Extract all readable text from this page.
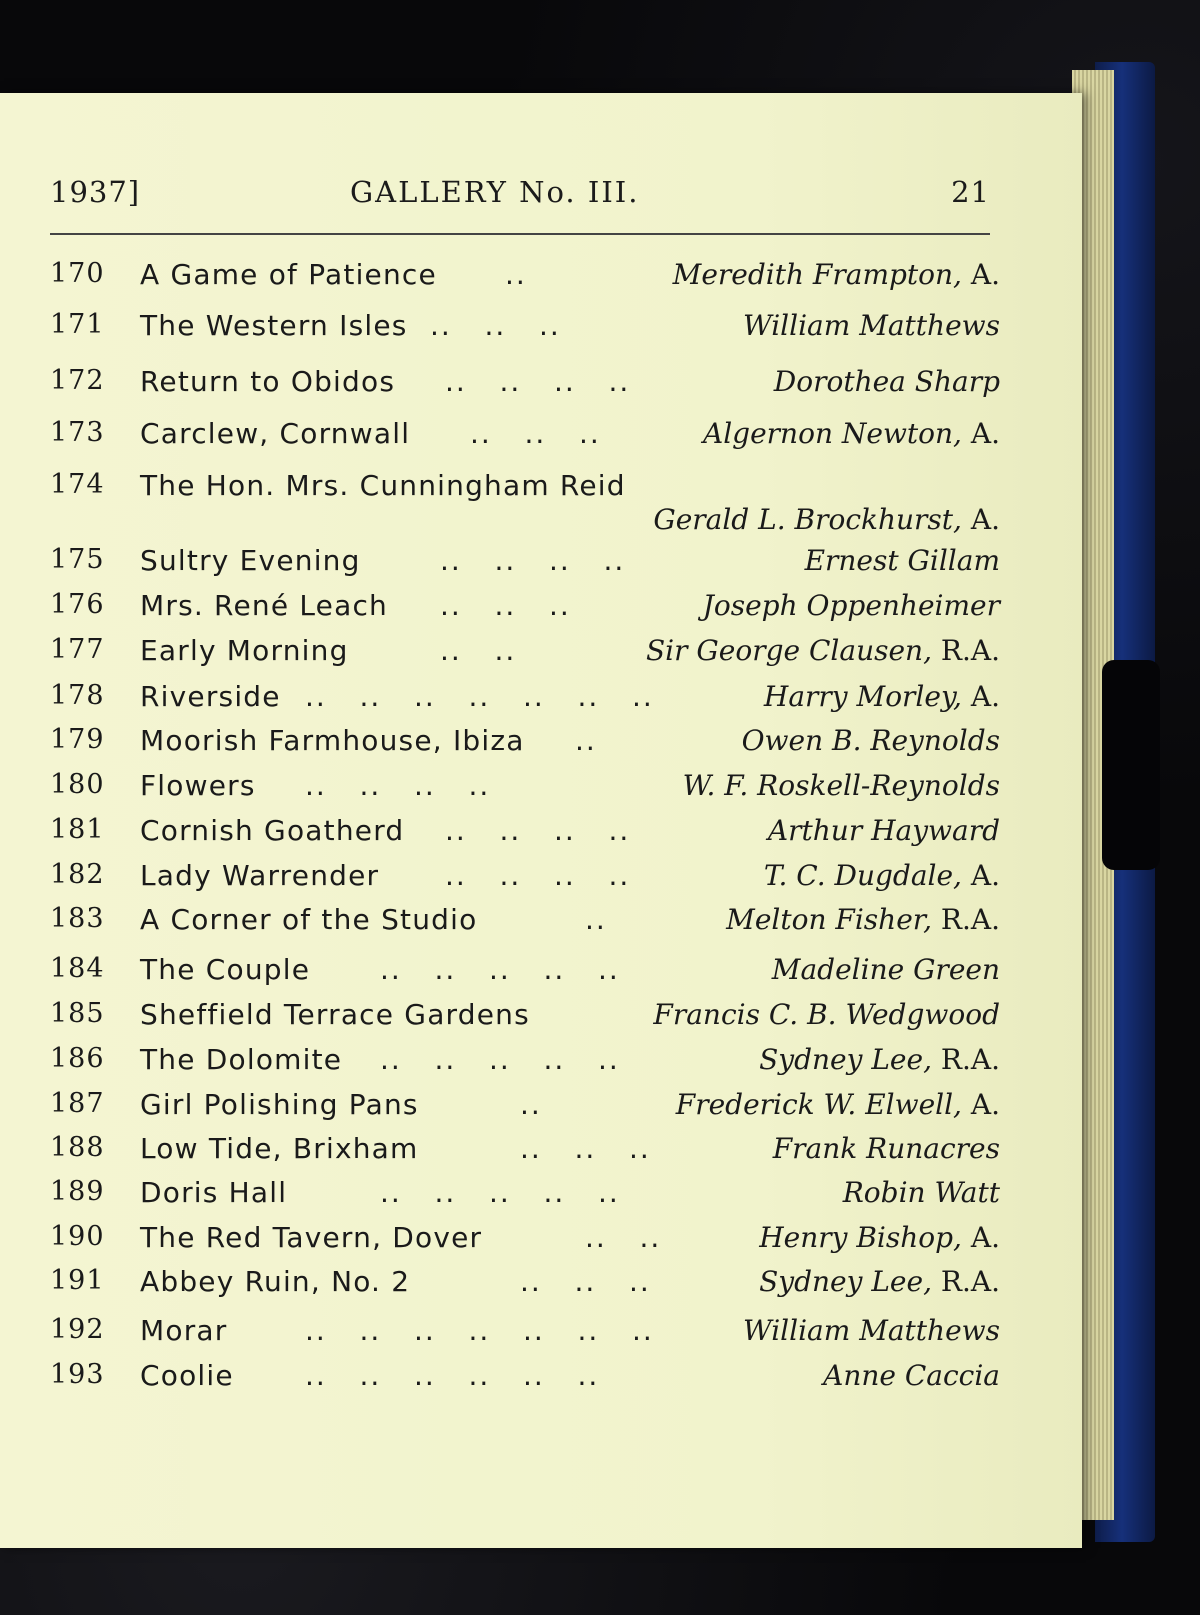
1937]	GALLERY No. III.	21
170	A Game of Patience ..	Meredith Frampton, A.
171	The Western Isles ..   ..   ..	William Matthews
172	Return to Obidos ..   ..   ..   ..	Dorothea Sharp
173	Carclew, Cornwall ..   ..   ..	Algernon Newton, A.
174	The Hon. Mrs. Cunningham Reid
Gerald L. Brockhurst, A.
175	Sultry Evening	..   ..   ..   ..	Ernest Gillam
176	Mrs. René Leach ..   ..   ..	Joseph Oppenheimer
177	Early Morning	..   ..	Sir George Clausen, R.A.
178	Riverside ..   ..   ..   ..   ..   ..   ..	Harry Morley, A.
179	Moorish Farmhouse, Ibiza ..	Owen B. Reynolds
180	Flowers ..   ..   ..   ..	W. F. Roskell-Reynolds
181	Cornish Goatherd ..   ..   ..   ..	Arthur Hayward
182	Lady Warrender ..   ..   ..   ..	T. C. Dugdale, A.
183	A Corner of the Studio	..	Melton Fisher, R.A.
184	The Couple ..   ..   ..   ..   ..	Madeline Green
185	Sheffield Terrace Gardens	Francis C. B. Wedgwood
186	The Dolomite ..   ..   ..   ..   ..	Sydney Lee, R.A.
187	Girl Polishing Pans	..	Frederick W. Elwell, A.
188	Low Tide, Brixham	..   ..   ..	Frank Runacres
189	Doris Hall	..   ..   ..   ..   ..	Robin Watt
190	The Red Tavern, Dover	..   ..	Henry Bishop, A.
191	Abbey Ruin, No. 2	..   ..   ..	Sydney Lee, R.A.
192	Morar	..   ..   ..   ..   ..   ..   ..	William Matthews
193	Coolie	..   ..   ..   ..   ..   ..	Anne Caccia
